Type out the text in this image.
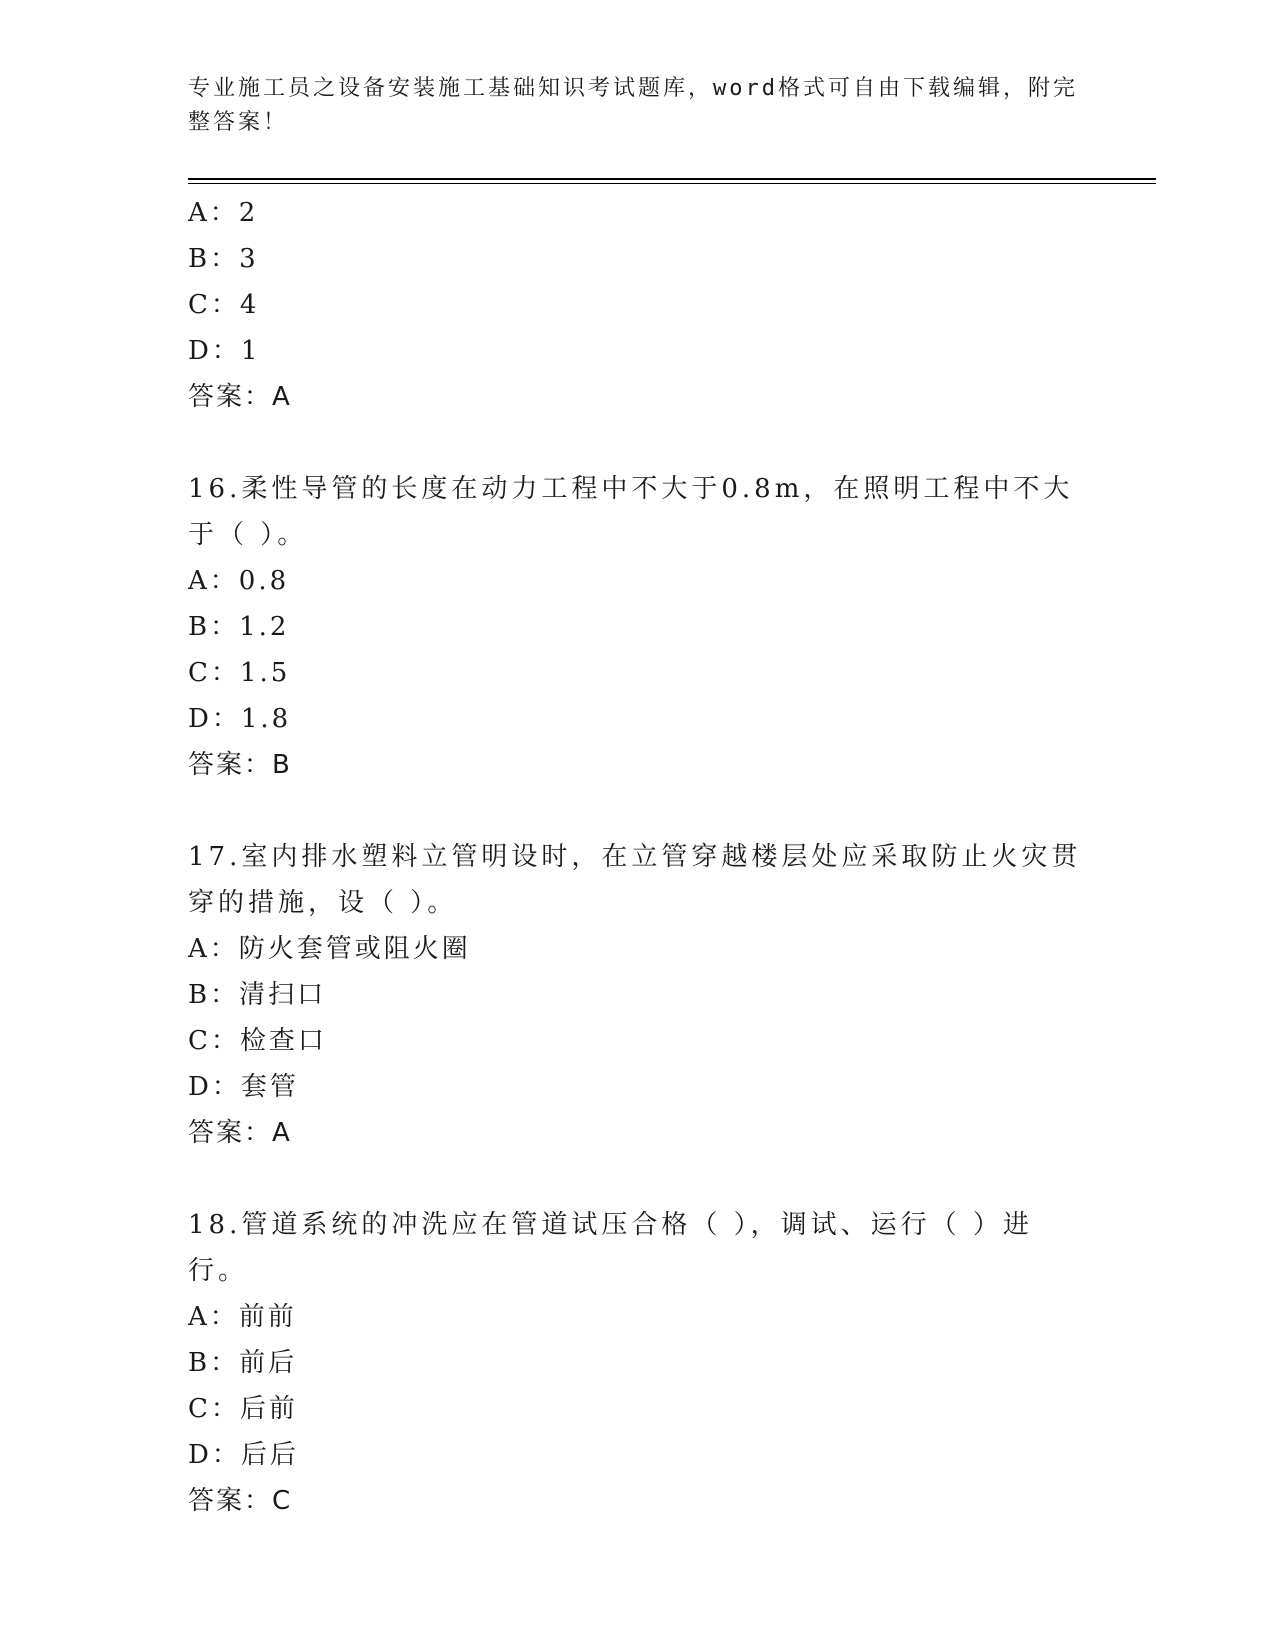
专业施工员之设备安装施工基础知识考试题库，word格式可自由下载编辑，附完整答案！
A ： 2
B ： 3
C ： 4
D ： 1
答案 ： A
16.柔性导管的长度在动力工程中不大于0.8m，在照明工程中不大于（ ）。
A ： 0.8
B ： 1.2
C ： 1.5
D ： 1.8
答案 ： B
17.室内排水塑料立管明设时，在立管穿越楼层处应采取防止火灾贯穿的措施，设（ ）。
A ： 防火套管或阻火圈
B ： 清扫口
C ： 检查口
D ： 套管
答案 ： A
18.管道系统的冲洗应在管道试压合格（ ），调试、运行（ ）进行。
A ： 前前
B ： 前后
C ： 后前
D ： 后后
答案 ： C
